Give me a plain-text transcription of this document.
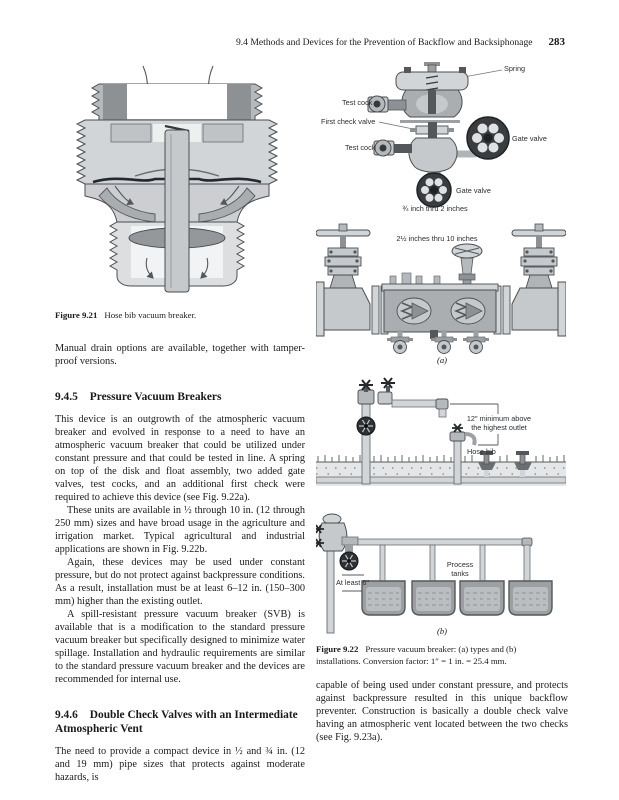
9.4 Methods and Devices for the Prevention of Backflow and Backsiphonage 283

Figure 9.21 Hose bib vacuum breaker.

Manual drain options are available, together with tamper-proof versions.

9.4.5 Pressure Vacuum Breakers

This device is an outgrowth of the atmospheric vacuum breaker and evolved in response to a need to have an atmospheric vacuum breaker that could be utilized under constant pressure and that could be tested in line. A spring on top of the disk and float assembly, two added gate valves, test cocks, and an additional first check were required to achieve this device (see Fig. 9.22a).

These units are available in ½ through 10 in. (12 through 250 mm) sizes and have broad usage in the agriculture and irrigation market. Typical agricultural and industrial applications are shown in Fig. 9.22b.

Again, these devices may be used under constant pressure, but do not protect against backpressure conditions. As a result, installation must be at least 6–12 in. (150–300 mm) higher than the existing outlet.

A spill-resistant pressure vacuum breaker (SVB) is available that is a modification to the standard pressure vacuum breaker but specifically designed to minimize water spillage. Installation and hydraulic requirements are similar to the standard pressure vacuum breaker and the devices are recommended for internal use.

9.4.6 Double Check Valves with an Intermediate Atmospheric Vent

The need to provide a compact device in ½ and ¾ in. (12 and 19 mm) pipe sizes that protects against moderate hazards, is

Spring
Test cock
First check valve
Test cock
Gate valve
Gate valve
¾ inch thru 2 inches
2½ inches thru 10 inches
(a)
12″ minimum above the highest outlet
Hose bib
At least 6″
Process tanks
(b)

Figure 9.22 Pressure vacuum breaker: (a) types and (b) installations. Conversion factor: 1″ = 1 in. = 25.4 mm.

capable of being used under constant pressure, and protects against backpressure resulted in this unique backflow preventer. Construction is basically a double check valve having an atmospheric vent located between the two checks (see Fig. 9.23a).
